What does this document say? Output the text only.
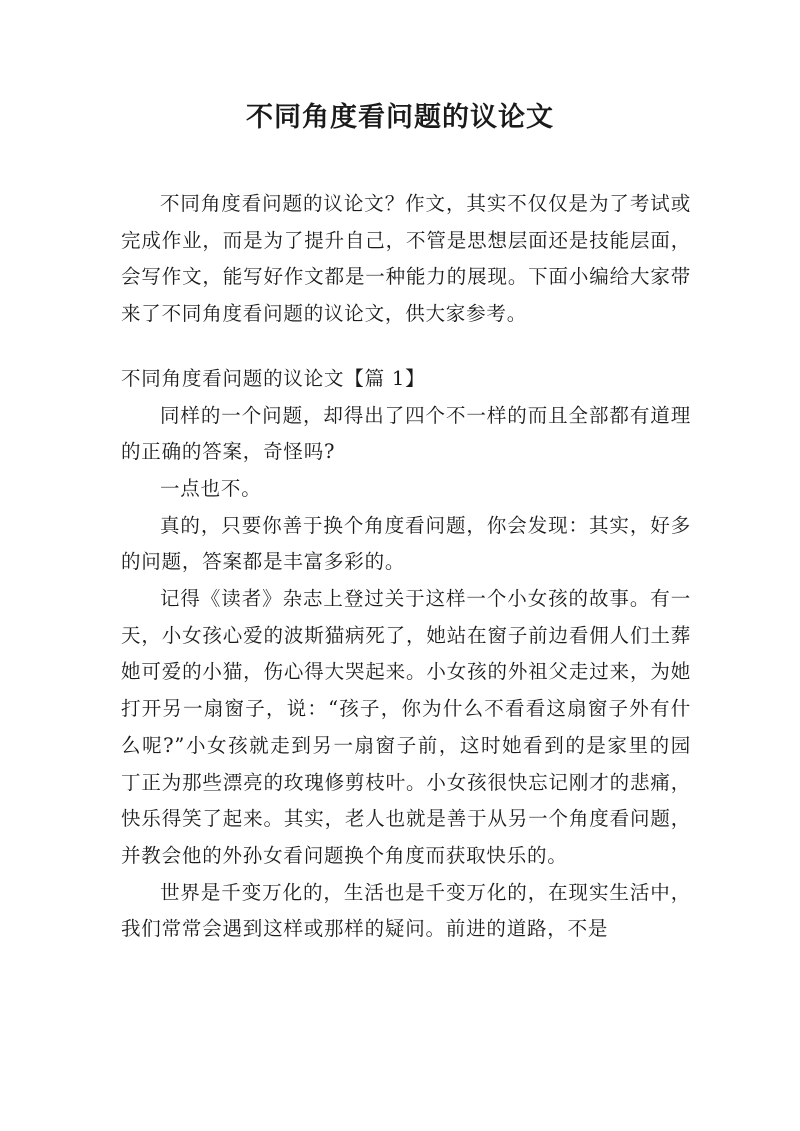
不同角度看问题的议论文

不同角度看问题的议论文？作文，其实不仅仅是为了考试或完成作业，而是为了提升自己，不管是思想层面还是技能层面，会写作文，能写好作文都是一种能力的展现。下面小编给大家带来了不同角度看问题的议论文，供大家参考。

不同角度看问题的议论文【篇 1】

同样的一个问题，却得出了四个不一样的而且全部都有道理的正确的答案，奇怪吗?

一点也不。

真的，只要你善于换个角度看问题，你会发现：其实，好多的问题，答案都是丰富多彩的。

记得《读者》杂志上登过关于这样一个小女孩的故事。有一天，小女孩心爱的波斯猫病死了，她站在窗子前边看佣人们土葬她可爱的小猫，伤心得大哭起来。小女孩的外祖父走过来，为她打开另一扇窗子，说：“孩子，你为什么不看看这扇窗子外有什么呢?”小女孩就走到另一扇窗子前，这时她看到的是家里的园丁正为那些漂亮的玫瑰修剪枝叶。小女孩很快忘记刚才的悲痛，快乐得笑了起来。其实，老人也就是善于从另一个角度看问题，并教会他的外孙女看问题换个角度而获取快乐的。

世界是千变万化的，生活也是千变万化的，在现实生活中，我们常常会遇到这样或那样的疑问。前进的道路，不是
